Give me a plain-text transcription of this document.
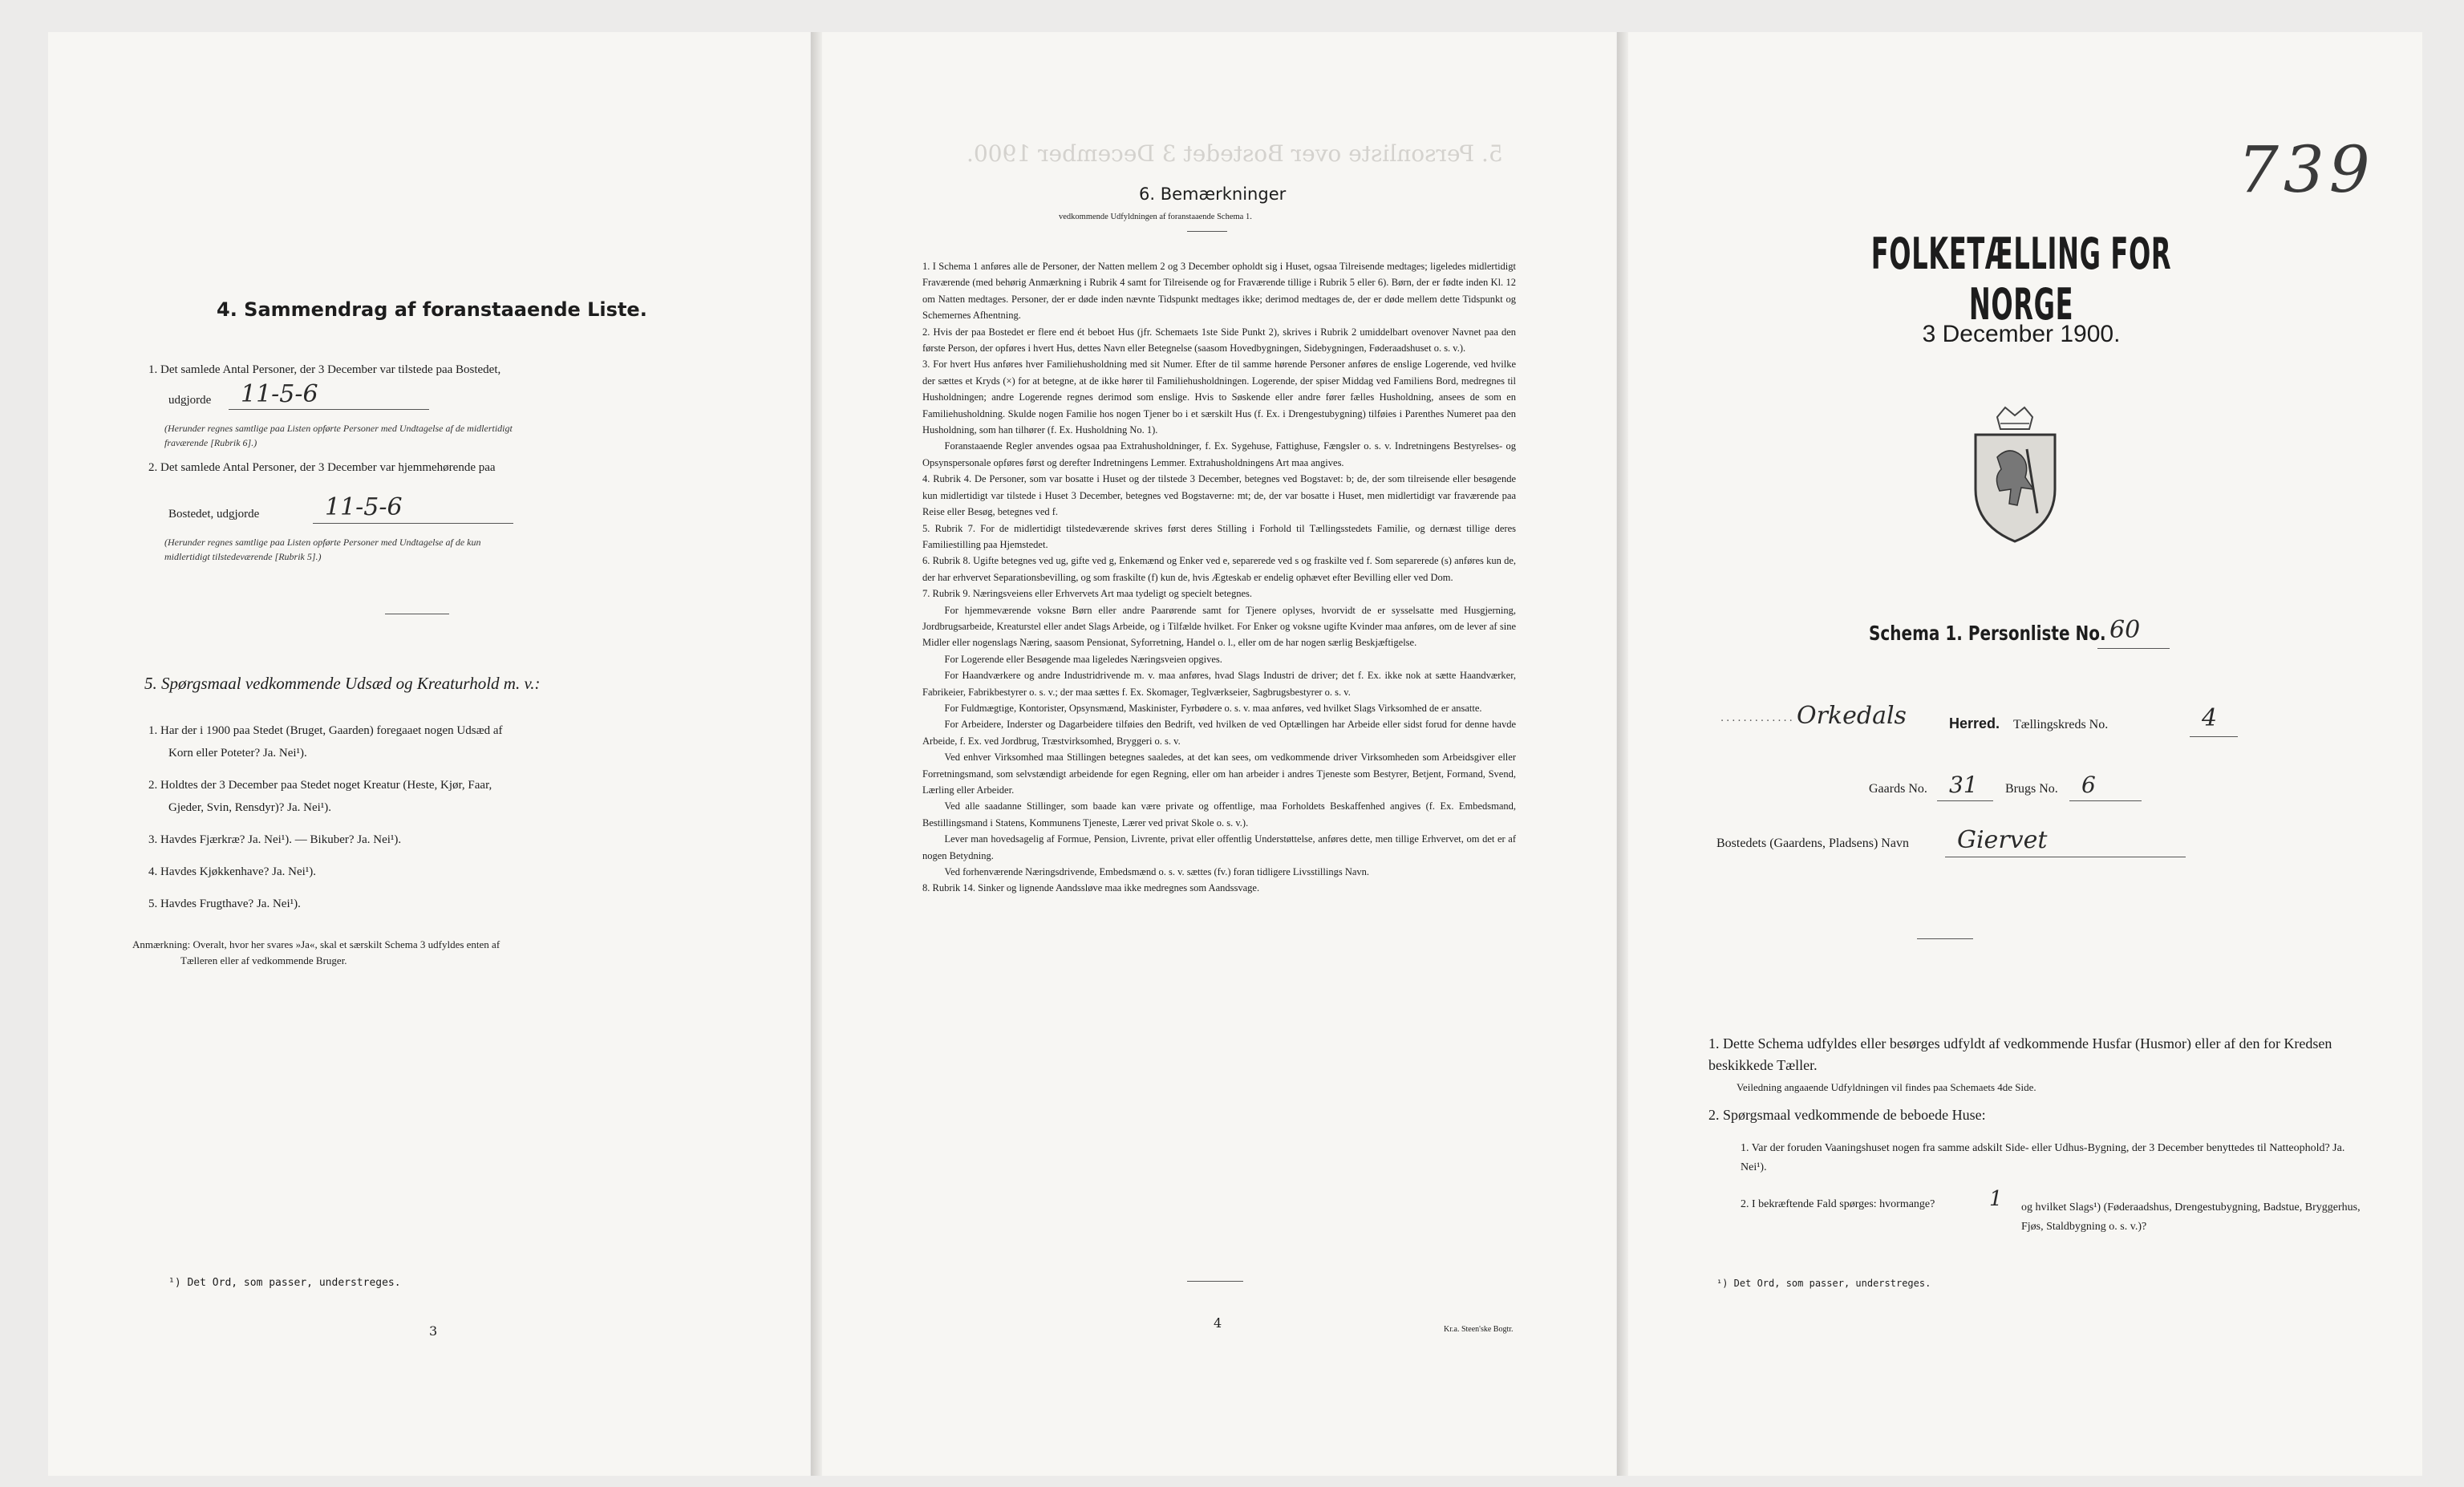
4. Sammendrag af foranstaaende Liste.
1. Det samlede Antal Personer, der 3 December var tilstede paa Bostedet,
udgjorde 11-5-6
(Herunder regnes samtlige paa Listen opførte Personer med Undtagelse af de midlertidigt
fraværende [Rubrik 6].)
2. Det samlede Antal Personer, der 3 December var hjemmehørende paa
Bostedet, udgjorde	11-5-6
(Herunder regnes samtlige paa Listen opførte Personer med Undtagelse af de kun
midlertidigt tilstedeværende [Rubrik 5].)
5. Spørgsmaal vedkommende Udsæd og Kreaturhold m. v.:
1. Har der i 1900 paa Stedet (Bruget, Gaarden) foregaaet nogen Udsæd af
Korn eller Poteter? Ja. Nei¹).
2. Holdtes der 3 December paa Stedet noget Kreatur (Heste, Kjør, Faar,
Gjeder, Svin, Rensdyr)? Ja. Nei¹).
3. Havdes Fjærkræ? Ja. Nei¹). — Bikuber? Ja. Nei¹).
4. Havdes Kjøkkenhave? Ja. Nei¹).
5. Havdes Frugthave? Ja. Nei¹).
Anmærkning: Overalt, hvor her svares »Ja«, skal et særskilt Schema 3 udfyldes enten af
Tælleren eller af vedkommende Bruger.
¹) Det Ord, som passer, understreges.
3
5. Personliste over Bostedet 3 December 1900.
6. Bemærkninger
vedkommende Udfyldningen af foranstaaende Schema 1.

1. I Schema 1 anføres alle de Personer, der Natten mellem 2 og 3 December opholdt sig i Huset, ogsaa Tilreisende medtages; ligeledes midlertidigt Fraværende (med behørig Anmærkning i Rubrik 4 samt for Tilreisende og for Fraværende tillige i Rubrik 5 eller 6). Børn, der er fødte inden Kl. 12 om Natten medtages. Personer, der er døde inden nævnte Tidspunkt medtages ikke; derimod medtages de, der er døde mellem dette Tidspunkt og Schemernes Afhentning.

2. Hvis der paa Bostedet er flere end ét beboet Hus (jfr. Schemaets 1ste Side Punkt 2), skrives i Rubrik 2 umiddelbart ovenover Navnet paa den første Person, der opføres i hvert Hus, dettes Navn eller Betegnelse (saasom Hovedbygningen, Sidebygningen, Føderaadshuset o. s. v.).

3. For hvert Hus anføres hver Familiehusholdning med sit Numer. Efter de til samme hørende Personer anføres de enslige Logerende, ved hvilke der sættes et Kryds (×) for at betegne, at de ikke hører til Familiehusholdningen. Logerende, der spiser Middag ved Familiens Bord, medregnes til Husholdningen; andre Logerende regnes derimod som enslige. Hvis to Søskende eller andre fører fælles Husholdning, ansees de som en Familiehusholdning. Skulde nogen Familie hos nogen Tjener bo i et særskilt Hus (f. Ex. i Drengestubygning) tilføies i Parenthes Numeret paa den Husholdning, som han tilhører (f. Ex. Husholdning No. 1).

Foranstaaende Regler anvendes ogsaa paa Extrahusholdninger, f. Ex. Sygehuse, Fattighuse, Fængsler o. s. v. Indretningens Bestyrelses- og Opsynspersonale opføres først og derefter Indretningens Lemmer. Extrahusholdningens Art maa angives.

4. Rubrik 4. De Personer, som var bosatte i Huset og der tilstede 3 December, betegnes ved Bogstavet: b; de, der som tilreisende eller besøgende kun midlertidigt var tilstede i Huset 3 December, betegnes ved Bogstaverne: mt; de, der var bosatte i Huset, men midlertidigt var fraværende paa Reise eller Besøg, betegnes ved f.

5. Rubrik 7. For de midlertidigt tilstedeværende skrives først deres Stilling i Forhold til Tællingsstedets Familie, og dernæst tillige deres Familiestilling paa Hjemstedet.

6. Rubrik 8. Ugifte betegnes ved ug, gifte ved g, Enkemænd og Enker ved e, separerede ved s og fraskilte ved f. Som separerede (s) anføres kun de, der har erhvervet Separationsbevilling, og som fraskilte (f) kun de, hvis Ægteskab er endelig ophævet efter Bevilling eller ved Dom.

7. Rubrik 9. Næringsveiens eller Erhvervets Art maa tydeligt og specielt betegnes.

For hjemmeværende voksne Børn eller andre Paarørende samt for Tjenere oplyses, hvorvidt de er sysselsatte med Husgjerning, Jordbrugsarbeide, Kreaturstel eller andet Slags Arbeide, og i Tilfælde hvilket. For Enker og voksne ugifte Kvinder maa anføres, om de lever af sine Midler eller nogenslags Næring, saasom Pensionat, Syforretning, Handel o. l., eller om de har nogen særlig Beskjæftigelse.

For Logerende eller Besøgende maa ligeledes Næringsveien opgives.

For Haandværkere og andre Industridrivende m. v. maa anføres, hvad Slags Industri de driver; det f. Ex. ikke nok at sætte Haandværker, Fabrikeier, Fabrikbestyrer o. s. v.; der maa sættes f. Ex. Skomager, Teglværkseier, Sagbrugsbestyrer o. s. v.

For Fuldmægtige, Kontorister, Opsynsmænd, Maskinister, Fyrbødere o. s. v. maa anføres, ved hvilket Slags Virksomhed de er ansatte.

For Arbeidere, Inderster og Dagarbeidere tilføies den Bedrift, ved hvilken de ved Optællingen har Arbeide eller sidst forud for denne havde Arbeide, f. Ex. ved Jordbrug, Træstvirksomhed, Bryggeri o. s. v.

Ved enhver Virksomhed maa Stillingen betegnes saaledes, at det kan sees, om vedkommende driver Virksomheden som Arbeidsgiver eller Forretningsmand, som selvstændigt arbeidende for egen Regning, eller om han arbeider i andres Tjeneste som Bestyrer, Betjent, Formand, Svend, Lærling eller Arbeider.

Ved alle saadanne Stillinger, som baade kan være private og offentlige, maa Forholdets Beskaffenhed angives (f. Ex. Embedsmand, Bestillingsmand i Statens, Kommunens Tjeneste, Lærer ved privat Skole o. s. v.).

Lever man hovedsagelig af Formue, Pension, Livrente, privat eller offentlig Understøttelse, anføres dette, men tillige Erhvervet, om det er af nogen Betydning.

Ved forhenværende Næringsdrivende, Embedsmænd o. s. v. sættes (fv.) foran tidligere Livsstillings Navn.

8. Rubrik 14. Sinker og lignende Aandssløve maa ikke medregnes som Aandssvage.

4	Kr.a. Steen'ske Bogtr.
739
FOLKETÆLLING FOR NORGE
3 December 1900.
Schema 1. Personliste No. 60
............. Orkedals	Herred. Tællingskreds No.	4
Gaards No. 31 Brugs No. 6
Bostedets (Gaardens, Pladsens) Navn Giervet
1. Dette Schema udfyldes eller besørges udfyldt af vedkommende Husfar (Husmor) eller af den for Kredsen beskikkede Tæller.
Veiledning angaaende Udfyldningen vil findes paa Schemaets 4de Side.
2. Spørgsmaal vedkommende de beboede Huse:
1. Var der foruden Vaaningshuset nogen fra samme adskilt Side- eller Udhus-Bygning, der 3 December benyttedes til Natteophold? Ja. Nei¹).
2. I bekræftende Fald spørges: hvormange?	1 og hvilket Slags¹) (Føderaadshus, Drengestubygning, Badstue, Bryggerhus, Fjøs, Staldbygning o. s. v.)?
¹) Det Ord, som passer, understreges.
